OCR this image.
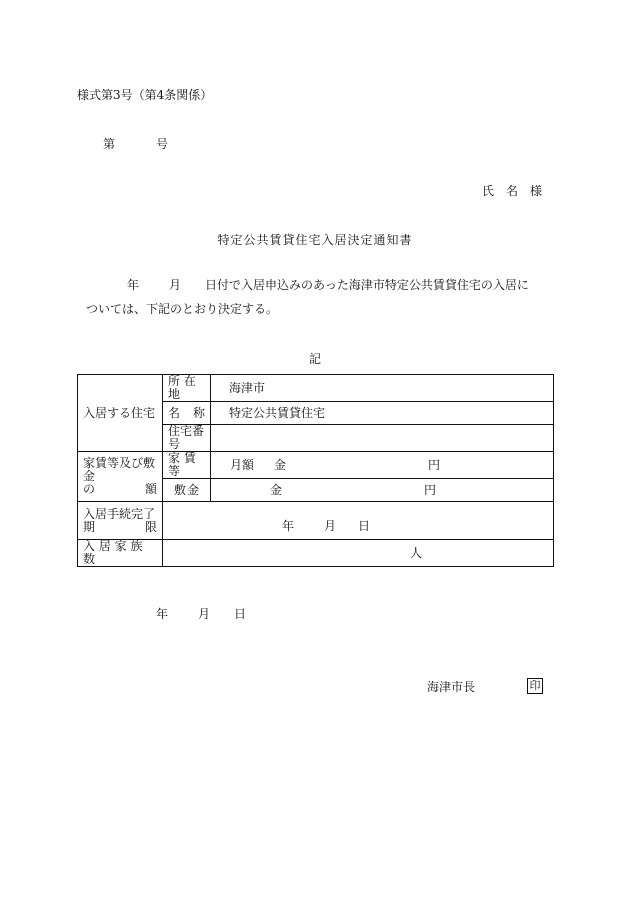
様式第3号（第4条関係）
第	号
氏名様
特定公共賃貸住宅入居決定通知書
年	月 日付で入居申込みのあった海津市特定公共賃貸住宅の入居に
ついては、下記のとおり決定する。
記
入居する住宅	所 在 地	海津市

	名 称	特定公共賃貸住宅
	住宅番号	

家賃等及び敷金
の 額	家 賃 等	月額 金 円

	敷 金	金 円

入居手続完了
期 限	年 月 日	

入 居 家 族 数	人	
年	月 日
海津市長	印
